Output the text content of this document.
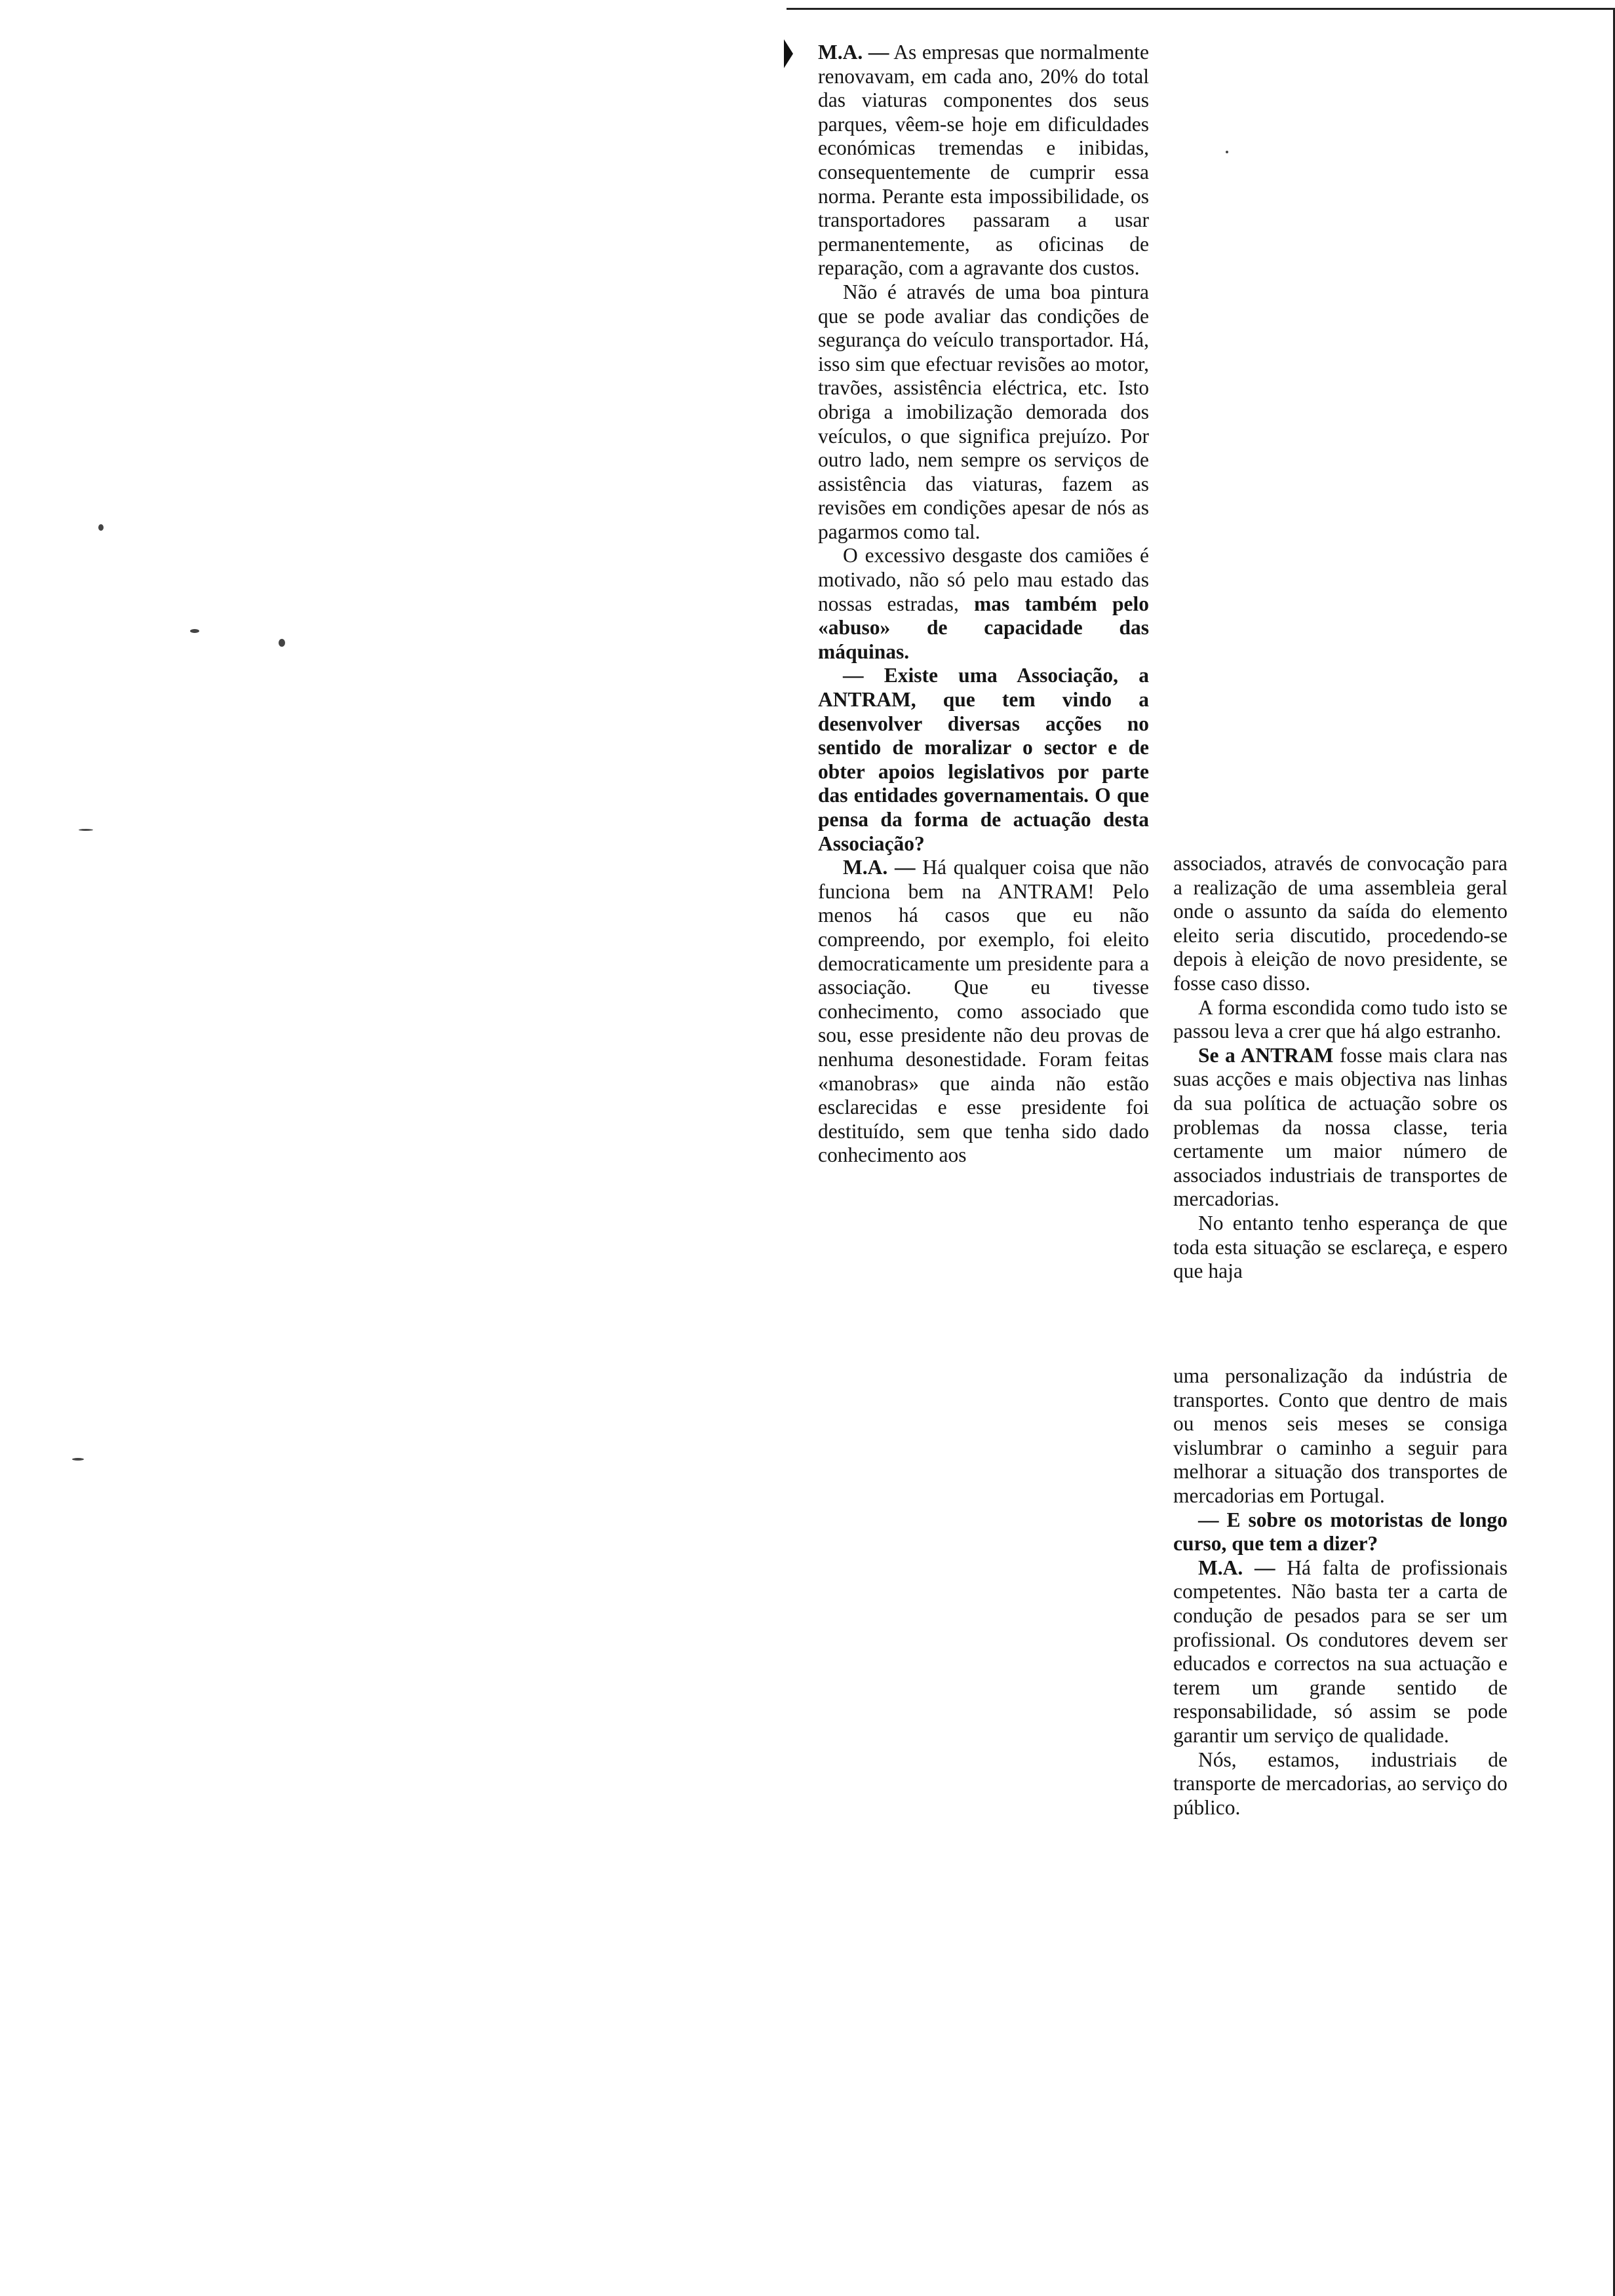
M.A. — As empresas que normalmente renovavam, em cada ano, 20% do total das viaturas componentes dos seus parques, vêem-se hoje em dificuldades económicas tremendas e inibidas, consequentemente de cumprir essa norma. Perante esta impossibilidade, os transportadores passaram a usar permanentemente, as oficinas de reparação, com a agravante dos custos.

Não é através de uma boa pintura que se pode avaliar das condições de segurança do veículo transportador. Há, isso sim que efectuar revisões ao motor, travões, assistência eléctrica, etc. Isto obriga a imobilização demorada dos veículos, o que significa prejuízo. Por outro lado, nem sempre os serviços de assistência das viaturas, fazem as revisões em condições apesar de nós as pagarmos como tal.

O excessivo desgaste dos camiões é motivado, não só pelo mau estado das nossas estradas, mas também pelo «abuso» de capacidade das máquinas.

— Existe uma Associação, a ANTRAM, que tem vindo a desenvolver diversas acções no sentido de moralizar o sector e de obter apoios legislativos por parte das entidades governamentais. O que pensa da forma de actuação desta Associação?

M.A. — Há qualquer coisa que não funciona bem na ANTRAM! Pelo menos há casos que eu não compreendo, por exemplo, foi eleito democraticamente um presidente para a associação. Que eu tivesse conhecimento, como associado que sou, esse presidente não deu provas de nenhuma desonestidade. Foram feitas «manobras» que ainda não estão esclarecidas e esse presidente foi destituído, sem que tenha sido dado conhecimento aos

associados, através de convocação para a realização de uma assembleia geral onde o assunto da saída do elemento eleito seria discutido, procedendo-se depois à eleição de novo presidente, se fosse caso disso.

A forma escondida como tudo isto se passou leva a crer que há algo estranho.

Se a ANTRAM fosse mais clara nas suas acções e mais objectiva nas linhas da sua política de actuação sobre os problemas da nossa classe, teria certamente um maior número de associados industriais de transportes de mercadorias.

No entanto tenho esperança de que toda esta situação se esclareça, e espero que haja

uma personalização da indústria de transportes. Conto que dentro de mais ou menos seis meses se consiga vislumbrar o caminho a seguir para melhorar a situação dos transportes de mercadorias em Portugal.

— E sobre os motoristas de longo curso, que tem a dizer?

M.A. — Há falta de profissionais competentes. Não basta ter a carta de condução de pesados para se ser um profissional. Os condutores devem ser educados e correctos na sua actuação e terem um grande sentido de responsabilidade, só assim se pode garantir um serviço de qualidade.

Nós, estamos, industriais de transporte de mercadorias, ao serviço do público.
